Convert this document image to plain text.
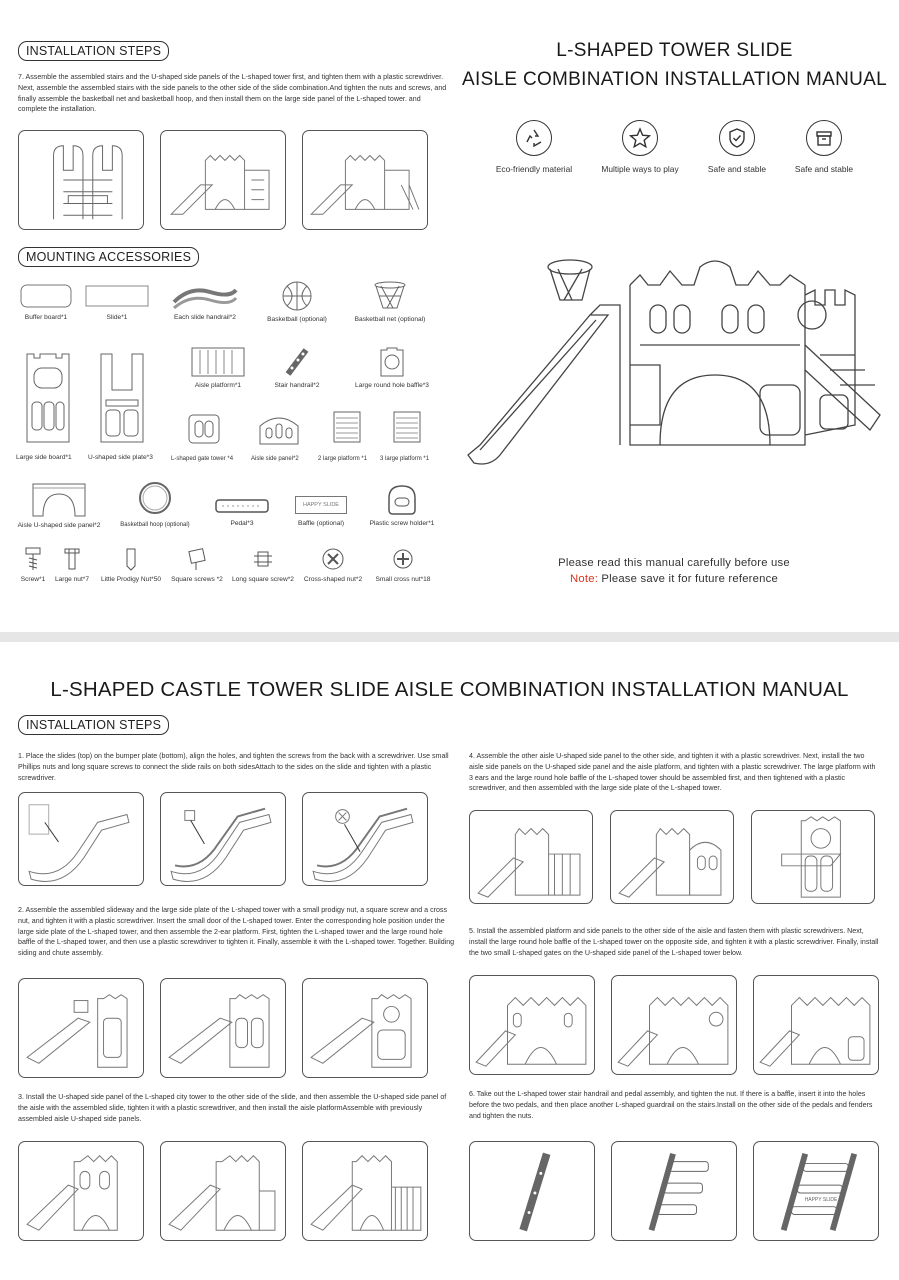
INSTALLATION STEPS
7. Assemble the assembled stairs and the U-shaped side panels of the L-shaped tower first, and tighten them with a plastic screwdriver. Next, assemble the assembled stairs with the side panels to the other side of the slide combination.And tighten the nuts and screws, and finally assemble the basketball net and basketball hoop, and then install them on the large side panel of the L-shaped tower. and complete the installation.
MOUNTING ACCESSORIES
Buffer board*1	Slide*1	Each slide handrail*2	Basketball (optional)	Basketball net (optional)
Aisle platform*1	Stair handrail*2	Large round hole baffle*3
Large side board*1 U-shaped side plate*3	L-shaped gate tower *4	Aisle side panel*2	2 large platform *1 3 large platform *1
Aisle U-shaped side panel*2	Basketball hoop (optional)	Pedal*3
HAPPY SLIDE
Baffle (optional)	Plastic screw holder*1
Screw*1	Large nut*7	Little Prodigy Nut*50	Square screws *2	Long square screw*2	Cross-shaped nut*2	Small cross nut*18
L-SHAPED TOWER SLIDE
AISLE COMBINATION INSTALLATION MANUAL
Eco-friendly material	Multiple ways to play	Safe and stable	Safe and stable
Please read this manual carefully before use
Note: Please save it for future reference
L-SHAPED CASTLE TOWER SLIDE AISLE COMBINATION INSTALLATION MANUAL
INSTALLATION STEPS
1. Place the slides (top) on the bumper plate (bottom), align the holes, and tighten the screws from the back with a screwdriver. Use small Phillips nuts and long square screws to connect the slide rails on both sidesAttach to the sides on the slide and tighten with a plastic screwdriver.
2. Assemble the assembled slideway and the large side plate of the L-shaped tower with a small prodigy nut, a square screw and a cross nut, and tighten it with a plastic screwdriver. Insert the small door of the L-shaped tower. Enter the corresponding hole position under the large side plate of the L-shaped tower, and then assemble the 2-ear platform. First, tighten the L-shaped tower and the large round hole baffle of the L-shaped tower, and then use a plastic screwdriver to tighten it. Finally, assemble it with the L-shaped tower. Together. Building siding and chute assembly.
3. Install the U-shaped side panel of the L-shaped city tower to the other side of the slide, and then assemble the U-shaped side panel of the aisle with the assembled slide, tighten it with a plastic screwdriver, and then install the aisle platformAssemble with previously assembled aisle U-shaped side panels.
4. Assemble the other aisle U-shaped side panel to the other side, and tighten it with a plastic screwdriver. Next, install the two aisle side panels on the U-shaped side panel and the aisle platform, and tighten with a plastic screwdriver. The large platform with 3 ears and the large round hole baffle of the L-shaped tower should be assembled first, and then tightened with a plastic screwdriver, and then assembled with the large side plate of the L-shaped tower.
5. Install the assembled platform and side panels to the other side of the aisle and fasten them with plastic screwdrivers. Next, install the large round hole baffle of the L-shaped tower on the opposite side, and tighten it with a plastic screwdriver. Finally, install the two small L-shaped gates on the U-shaped side panel of the L-shaped tower below.
6. Take out the L-shaped tower stair handrail and pedal assembly, and tighten the nut. If there is a baffle, insert it into the holes before the two pedals, and then place another L-shaped guardrail on the stairs.Install on the other side of the pedals and fenders and tighten the nuts.
HAPPY SLIDE
